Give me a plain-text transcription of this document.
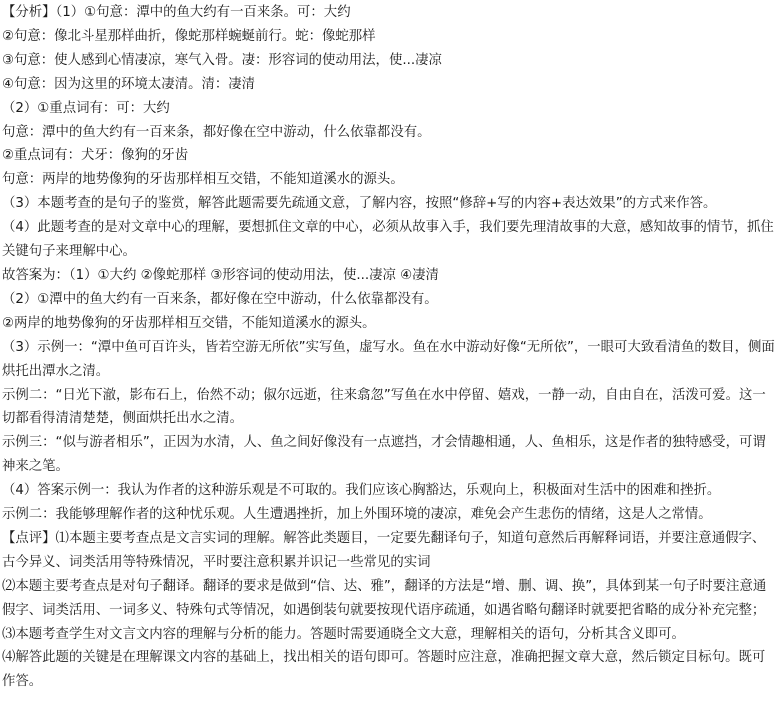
【分析】（1）①句意：潭中的鱼大约有一百来条。可：大约

②句意：像北斗星那样曲折，像蛇那样蜿蜒前行。蛇：像蛇那样

③句意：使人感到心情凄凉，寒气入骨。凄：形容词的使动用法，使...凄凉

④句意：因为这里的环境太凄清。清：凄清

（2）①重点词有：可：大约

句意：潭中的鱼大约有一百来条，都好像在空中游动，什么依靠都没有。

②重点词有：犬牙：像狗的牙齿

句意：两岸的地势像狗的牙齿那样相互交错，不能知道溪水的源头。

（3）本题考查的是句子的鉴赏，解答此题需要先疏通文意，了解内容，按照“修辞+写的内容+表达效果”的方式来作答。

（4）此题考查的是对文章中心的理解，要想抓住文章的中心，必须从故事入手，我们要先理清故事的大意，感知故事的情节，抓住关键句子来理解中心。

故答案为：（1）①大约 ②像蛇那样 ③形容词的使动用法，使...凄凉 ④凄清

（2）①潭中的鱼大约有一百来条，都好像在空中游动，什么依靠都没有。

②两岸的地势像狗的牙齿那样相互交错，不能知道溪水的源头。

（3）示例一：“潭中鱼可百许头，皆若空游无所依”实写鱼，虚写水。鱼在水中游动好像“无所依”，一眼可大致看清鱼的数目，侧面烘托出潭水之清。

示例二：“日光下澈，影布石上，佁然不动；俶尔远逝，往来翕忽”写鱼在水中停留、嬉戏，一静一动，自由自在，活泼可爱。这一切都看得清清楚楚，侧面烘托出水之清。

示例三：“似与游者相乐”，正因为水清，人、鱼之间好像没有一点遮挡，才会情趣相通，人、鱼相乐，这是作者的独特感受，可谓神来之笔。

（4）答案示例一：我认为作者的这种游乐观是不可取的。我们应该心胸豁达，乐观向上，积极面对生活中的困难和挫折。

示例二：我能够理解作者的这种忧乐观。人生遭遇挫折，加上外围环境的凄凉，难免会产生悲伤的情绪，这是人之常情。

【点评】⑴本题主要考查点是文言实词的理解。解答此类题目，一定要先翻译句子，知道句意然后再解释词语，并要注意通假字、古今异义、词类活用等特殊情况，平时要注意积累并识记一些常见的实词

⑵本题主要考查点是对句子翻译。翻译的要求是做到“信、达、雅”，翻译的方法是“增、删、调、换”，具体到某一句子时要注意通假字、词类活用、一词多义、特殊句式等情况，如遇倒装句就要按现代语序疏通，如遇省略句翻译时就要把省略的成分补充完整；

⑶本题考查学生对文言文内容的理解与分析的能力。答题时需要通晓全文大意，理解相关的语句，分析其含义即可。

⑷解答此题的关键是在理解课文内容的基础上，找出相关的语句即可。答题时应注意，准确把握文章大意，然后锁定目标句。既可作答。
